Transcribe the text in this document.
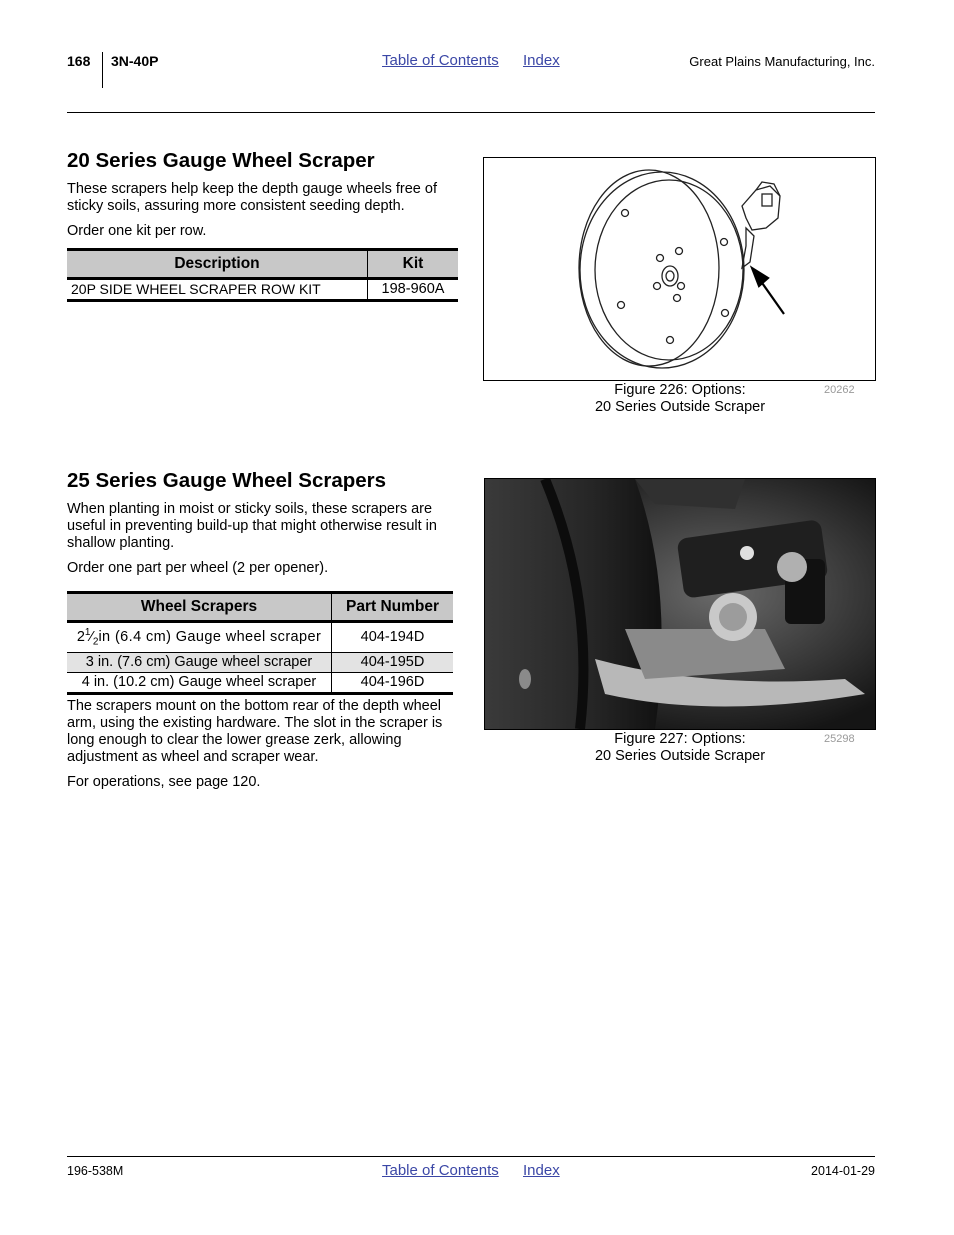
168 3N-40P	Table of Contents Index	Great Plains Manufacturing, Inc.
20 Series Gauge Wheel Scraper

These scrapers help keep the depth gauge wheels free of sticky soils, assuring more consistent seeding depth.

Order one kit per row.

Description	Kit
20P SIDE WHEEL SCRAPER ROW KIT	198-960A
Figure 226: Options:
20 Series Outside Scraper
20262
25 Series Gauge Wheel Scrapers

When planting in moist or sticky soils, these scrapers are useful in preventing build-up that might otherwise result in shallow planting.

Order one part per wheel (2 per opener).

Wheel Scrapers	Part Number
$2^1⁄_2in$ (6.4 cm) Gauge wheel scraper	404-194D
3 in. (7.6 cm) Gauge wheel scraper	404-195D
4 in. (10.2 cm) Gauge wheel scraper	404-196D

The scrapers mount on the bottom rear of the depth wheel arm, using the existing hardware. The slot in the scraper is long enough to clear the lower grease zerk, allowing adjustment as wheel and scraper wear.

For operations, see page 120.

Figure 227: Options:
20 Series Outside Scraper
25298
196-538M	Table of Contents Index	2014-01-29
